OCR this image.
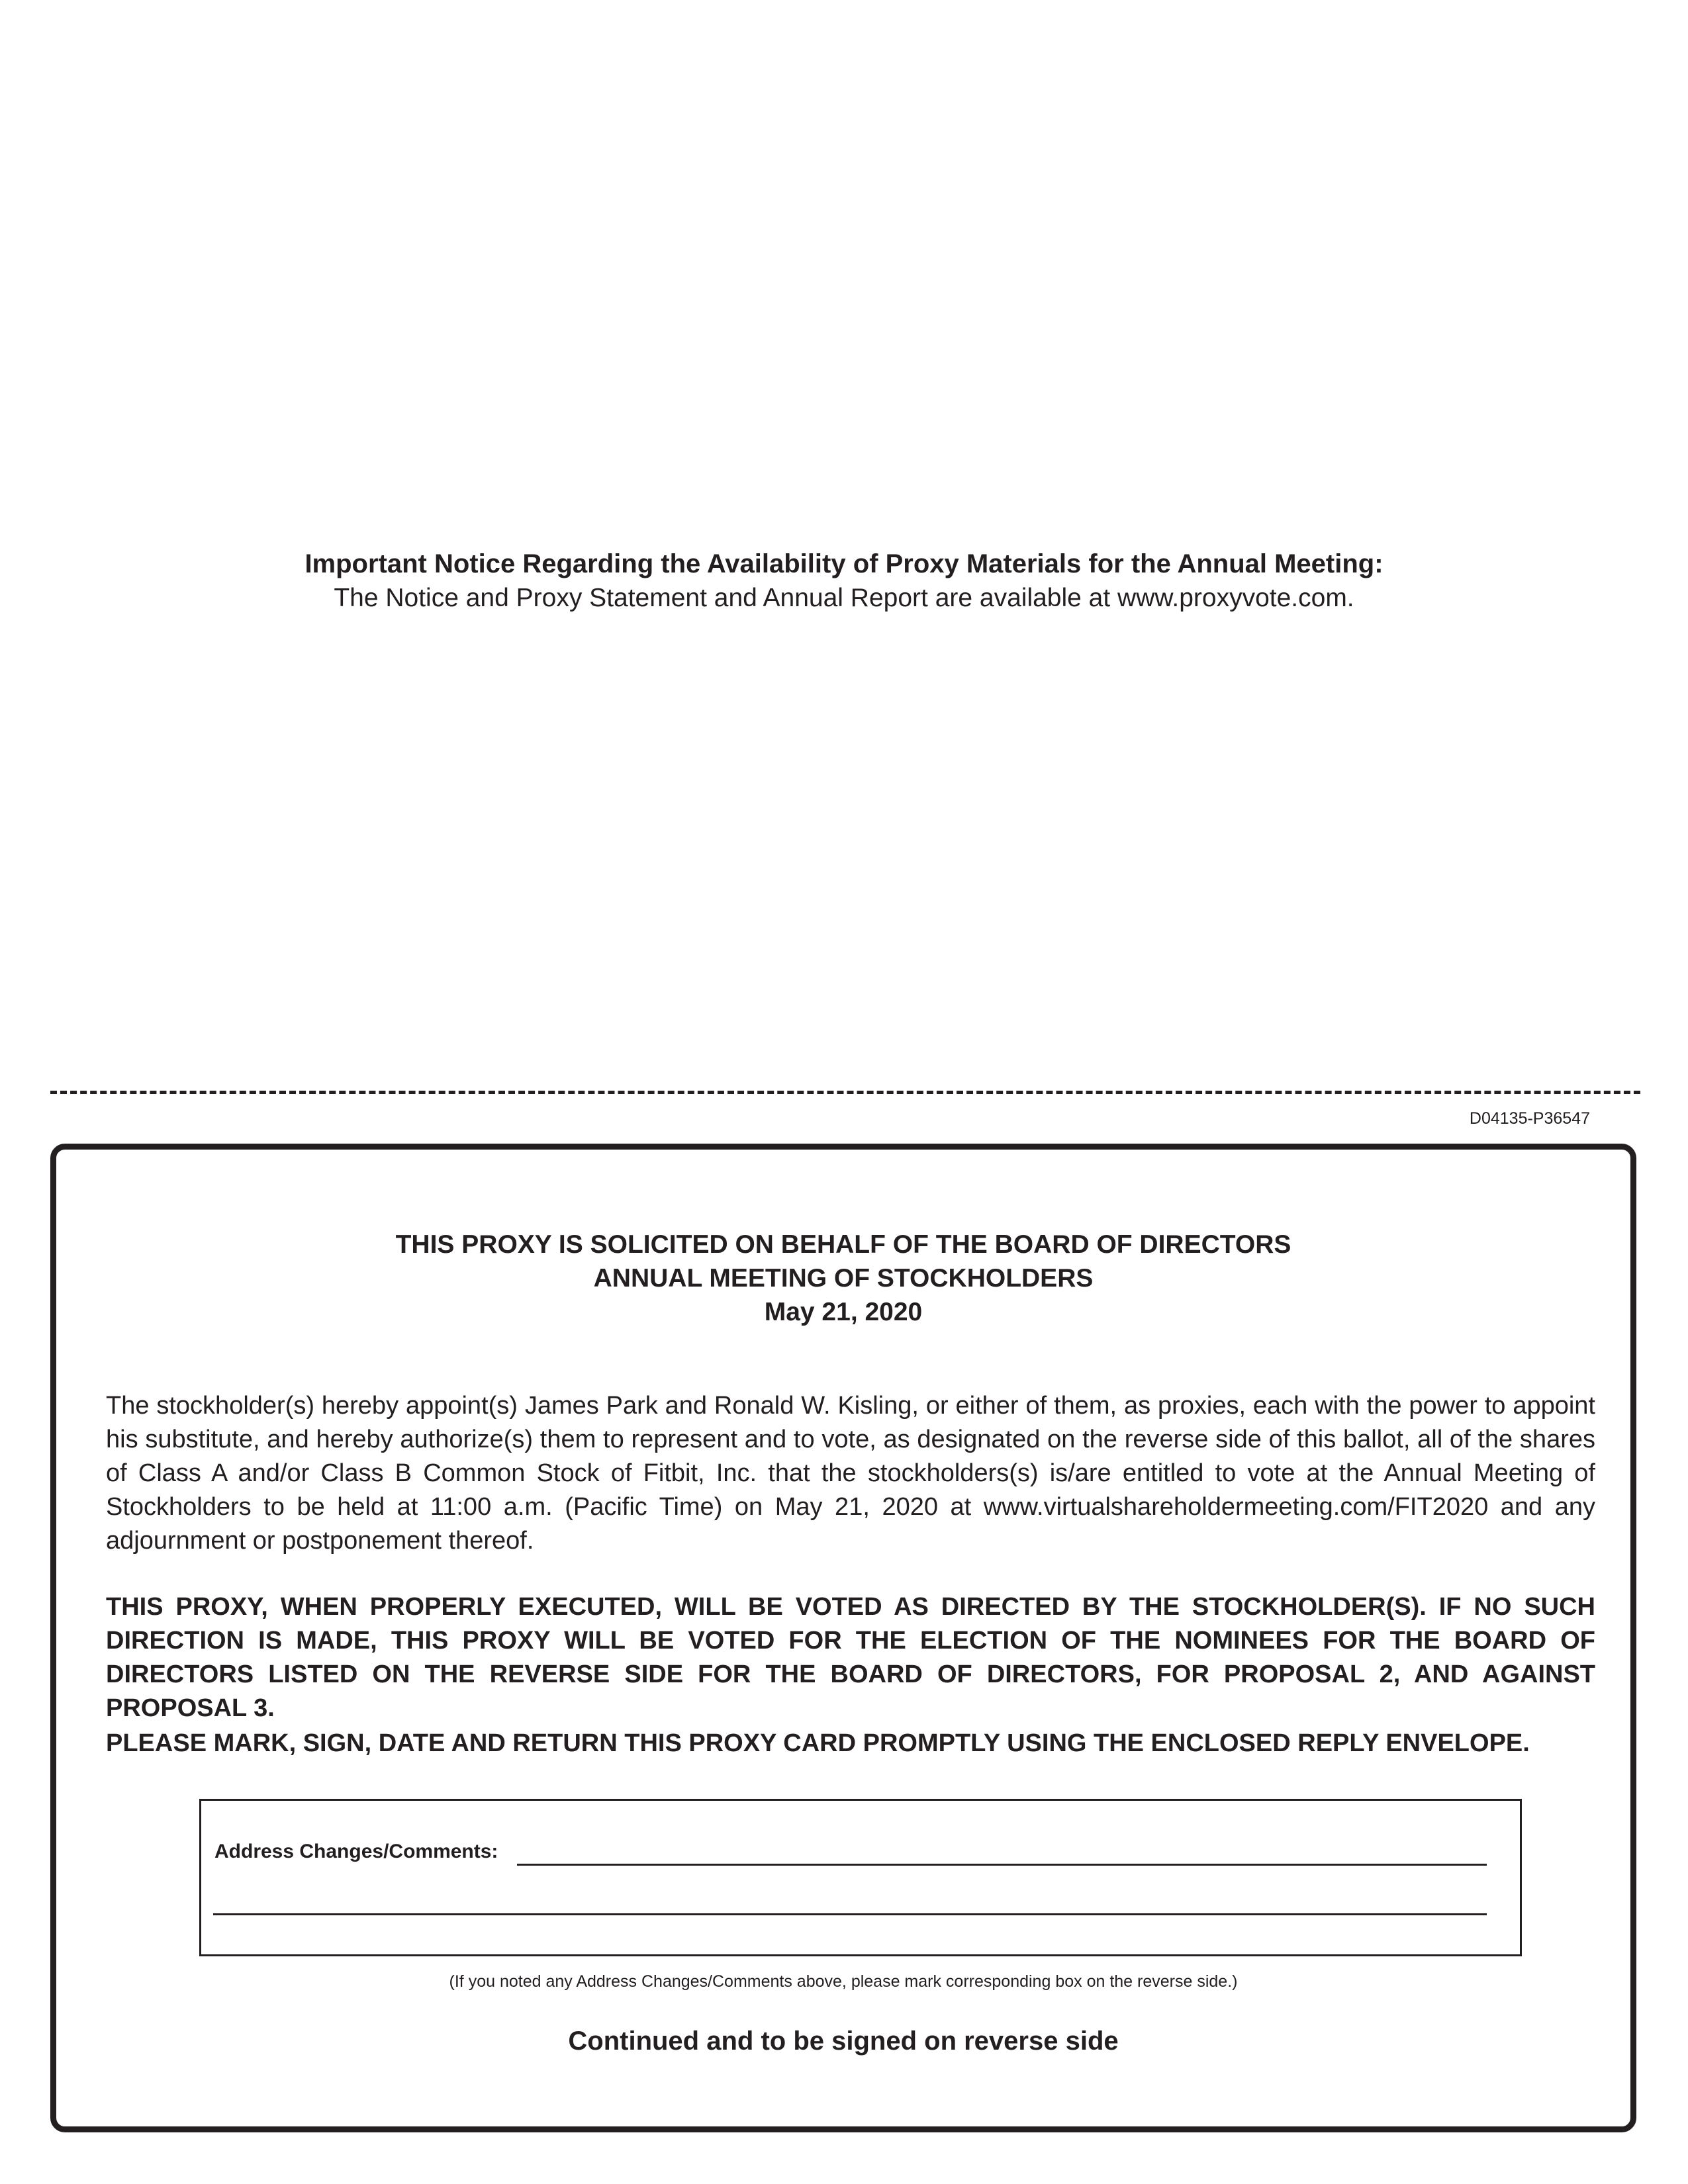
Important Notice Regarding the Availability of Proxy Materials for the Annual Meeting:
The Notice and Proxy Statement and Annual Report are available at www.proxyvote.com.
D04135-P36547
THIS PROXY IS SOLICITED ON BEHALF OF THE BOARD OF DIRECTORS
ANNUAL MEETING OF STOCKHOLDERS
May 21, 2020
The stockholder(s) hereby appoint(s) James Park and Ronald W. Kisling, or either of them, as proxies, each with the power to appoint his substitute, and hereby authorize(s) them to represent and to vote, as designated on the reverse side of this ballot, all of the shares of Class A and/or Class B Common Stock of Fitbit, Inc. that the stockholders(s) is/are entitled to vote at the Annual Meeting of Stockholders to be held at 11:00 a.m. (Pacific Time) on May 21, 2020 at www.virtualshareholdermeeting.com/FIT2020 and any adjournment or postponement thereof.
THIS PROXY, WHEN PROPERLY EXECUTED, WILL BE VOTED AS DIRECTED BY THE STOCKHOLDER(S). IF NO SUCH DIRECTION IS MADE, THIS PROXY WILL BE VOTED FOR THE ELECTION OF THE NOMINEES FOR THE BOARD OF DIRECTORS LISTED ON THE REVERSE SIDE FOR THE BOARD OF DIRECTORS, FOR PROPOSAL 2, AND AGAINST PROPOSAL 3.
PLEASE MARK, SIGN, DATE AND RETURN THIS PROXY CARD PROMPTLY USING THE ENCLOSED REPLY ENVELOPE.
Address Changes/Comments:
(If you noted any Address Changes/Comments above, please mark corresponding box on the reverse side.)
Continued and to be signed on reverse side
